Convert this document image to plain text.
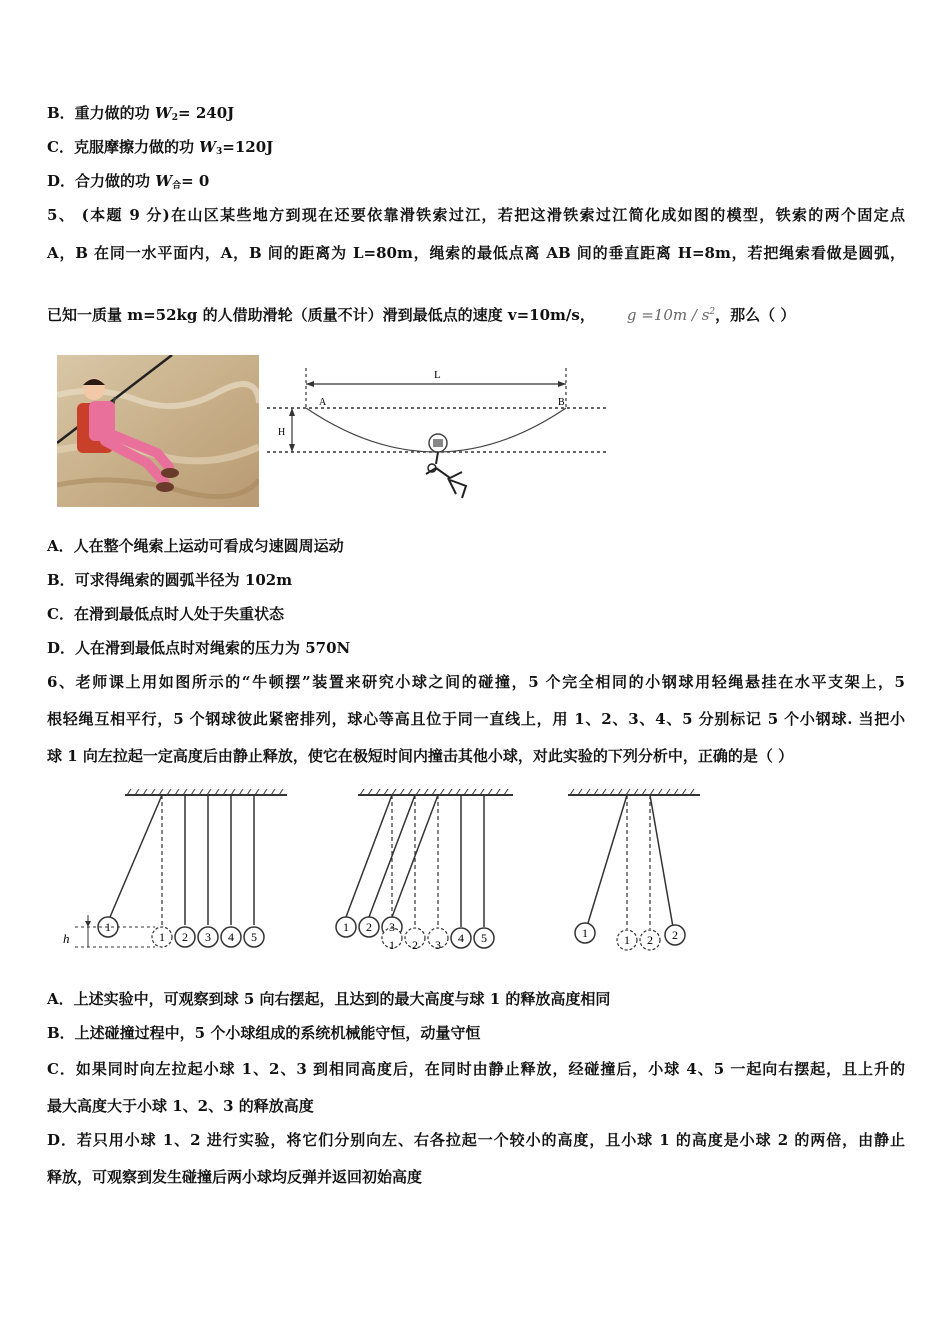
B．重力做的功 $W_2= 240J$
C．克服摩擦力做的功 $W_3=120J$
D．合力做的功 $W_合= 0$
5、 (本题 9 分)在山区某些地方到现在还要依靠滑铁索过江，若把这滑铁索过江简化成如图的模型，铁索的两个固定点
A，B 在同一水平面内，A，B 间的距离为 L=80m，绳索的最低点离 AB 间的垂直距离 H=8m，若把绳索看做是圆弧，
已知一质量 m=52kg 的人借助滑轮（质量不计）滑到最低点的速度 v=10m/s， $g =10m / s^2$，那么（ ）
L
A	B
H
A．人在整个绳索上运动可看成匀速圆周运动
B．可求得绳索的圆弧半径为 102m
C．在滑到最低点时人处于失重状态
D．人在滑到最低点时对绳索的压力为 570N
6、老师课上用如图所示的“牛顿摆”装置来研究小球之间的碰撞，5 个完全相同的小钢球用轻绳悬挂在水平支架上，5
根轻绳互相平行，5 个钢球彼此紧密排列，球心等高且位于同一直线上，用 1、2、3、4、5 分别标记 5 个小钢球. 当把小
球 1 向左拉起一定高度后由静止释放，使它在极短时间内撞击其他小球，对此实验的下列分析中，正确的是（ ）
1
1 2 3 4 5
h
1 2 3
1 2 3 4 5	1	1 2 2
A．上述实验中，可观察到球 5 向右摆起，且达到的最大高度与球 1 的释放高度相同
B．上述碰撞过程中，5 个小球组成的系统机械能守恒，动量守恒
C．如果同时向左拉起小球 1、2、3 到相同高度后，在同时由静止释放，经碰撞后，小球 4、5 一起向右摆起，且上升的
最大高度大于小球 1、2、3 的释放高度
D．若只用小球 1、2 进行实验，将它们分别向左、右各拉起一个较小的高度，且小球 1 的高度是小球 2 的两倍，由静止
释放，可观察到发生碰撞后两小球均反弹并返回初始高度
